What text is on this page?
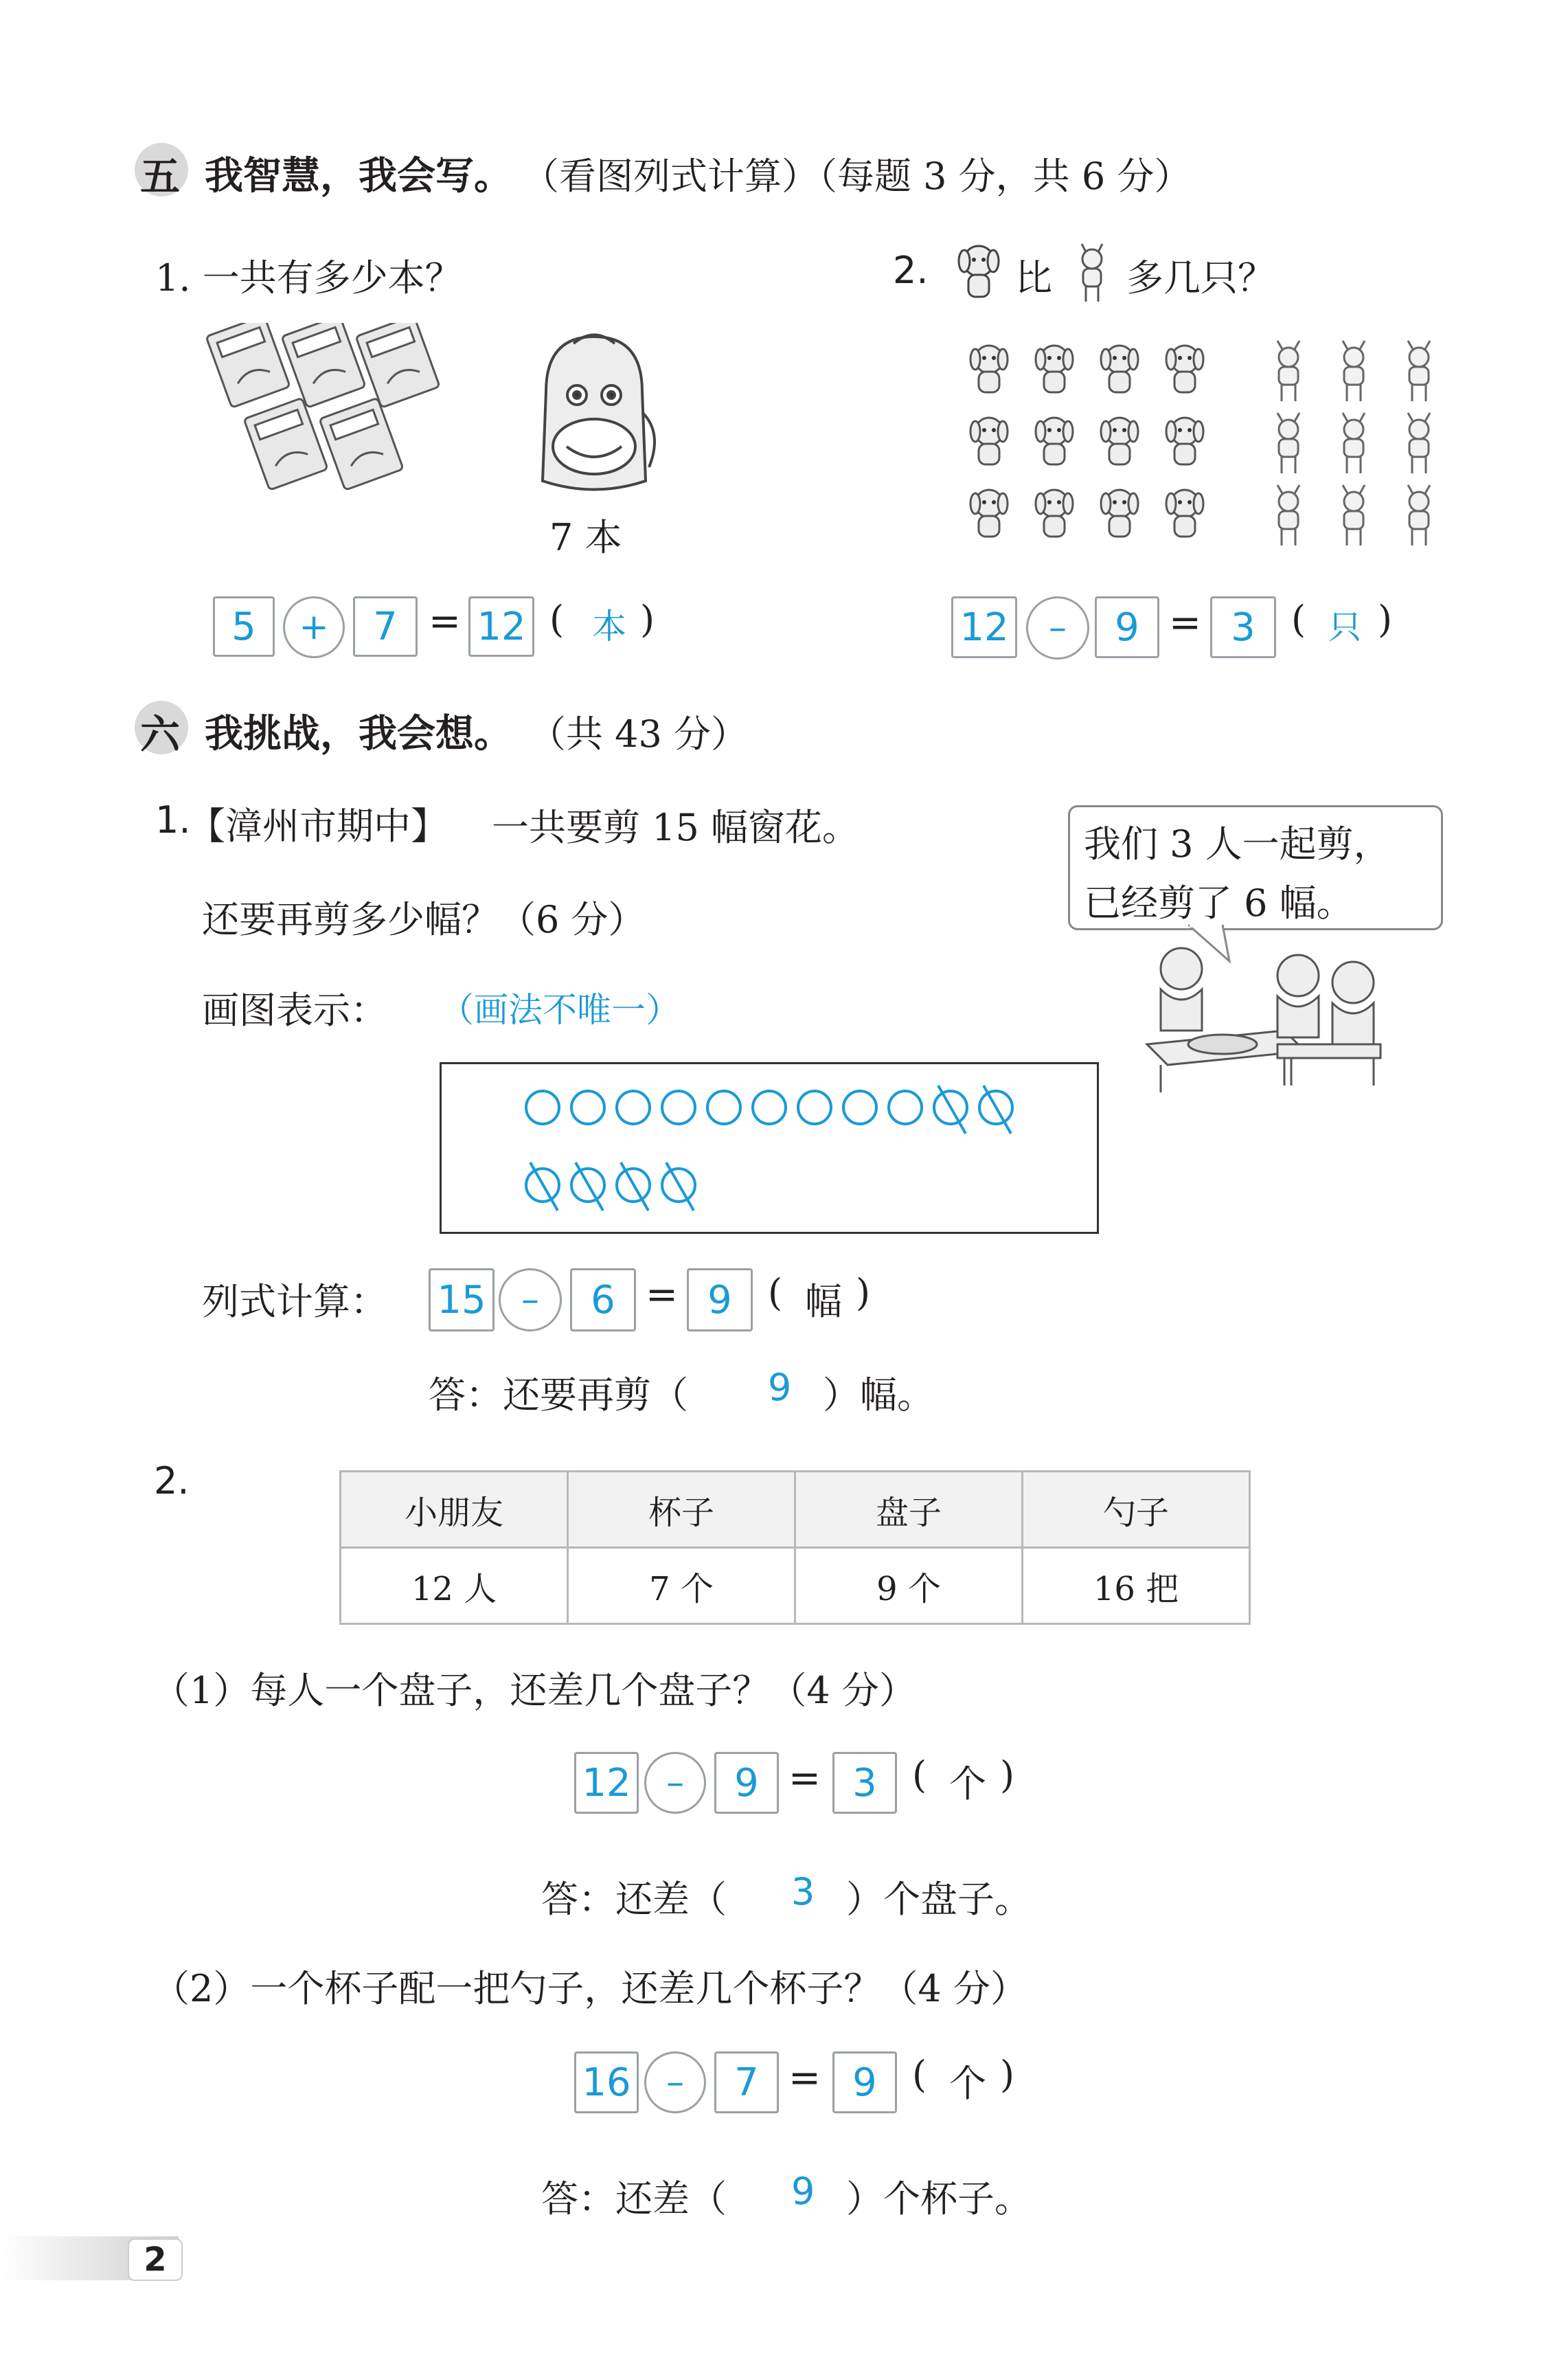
五 我智慧，我会写。 （看图列式计算）（每题 3 分，共 6 分）
1. 一共有多少本？
7 本
5	+	7 = 12 ( 本 )
2. 比 多几只？
12	–	9 = 3 ( 只 )
六 我挑战，我会想。 （共 43 分）
1.
【漳州市期中】 一共要剪 15 幅窗花。
还要再剪多少幅？（6 分）
我们 3 人一起剪，
已经剪了 6 幅。
画图表示： （画法不唯一）
列式计算： 15 –	6 = 9 ( 幅 )
答：还要再剪（ 9 ）幅。
2.
小朋友	杯子	盘子	勺子
12 人	7 个	9 个	16 把
（1）每人一个盘子，还差几个盘子？（4 分）
12 –	9 = 3 ( 个 )
答：还差（ 3 ）个盘子。
（2）一个杯子配一把勺子，还差几个杯子？（4 分）
16 –	7 = 9 ( 个 )
答：还差（ 9 ）个杯子。
2
